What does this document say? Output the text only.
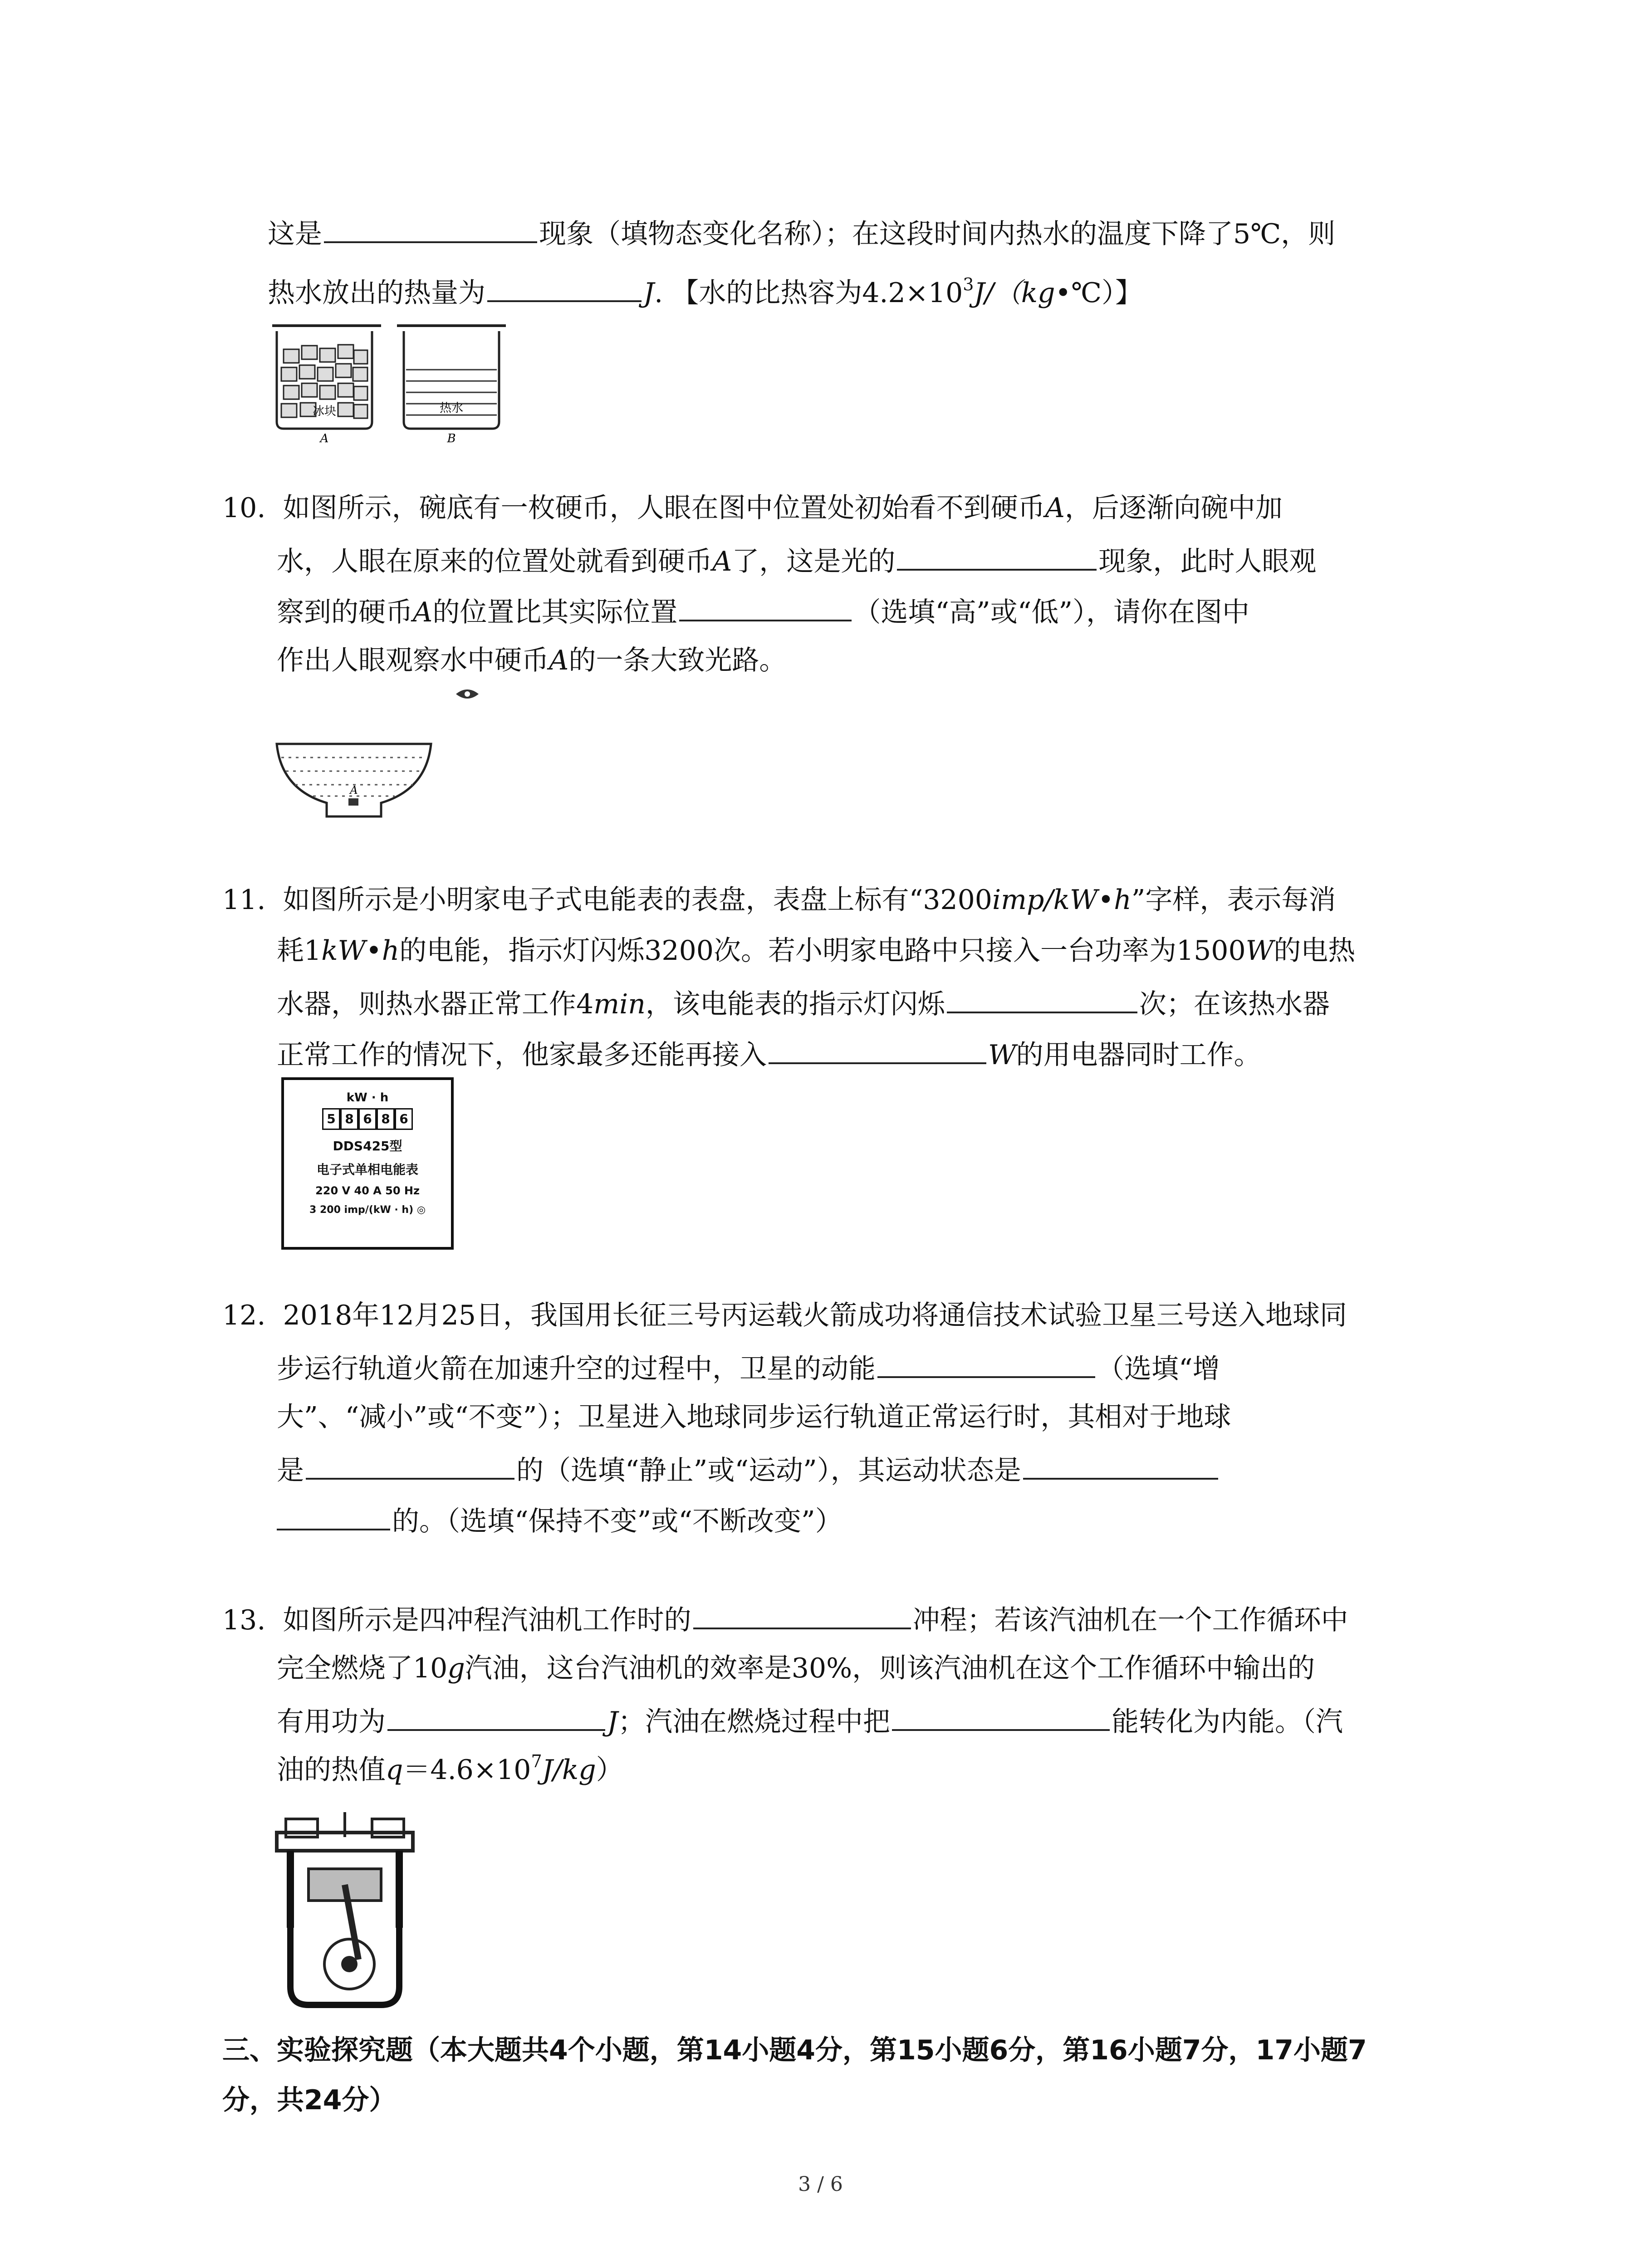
这是	现象（填物态变化名称）；在这段时间内热水的温度下降了5℃，则
热水放出的热量为	J. 【水的比热容为$4.2\times 10^3J/(kg•℃)$】
冰块
A
热水
B
10. 如图所示，碗底有一枚硬币，人眼在图中位置处初始看不到硬币A，后逐渐向碗中加
水，人眼在原来的位置处就看到硬币A了，这是光的	现象，此时人眼观
察到的硬币A的位置比其实际位置	（选填“高”或“低”），请你在图中
作出人眼观察水中硬币A的一条大致光路。
A
11. 如图所示是小明家电子式电能表的表盘，表盘上标有“3200imp/kW•h”字样，表示每消
耗1kW•h的电能，指示灯闪烁3200次。若小明家电路中只接入一台功率为1500W的电热
水器，则热水器正常工作4min，该电能表的指示灯闪烁	次；在该热水器
正常工作的情况下，他家最多还能再接入	W的用电器同时工作。
kW · h
5 8 6 8 6
DDS425型
电子式单相电能表
220 V 40 A 50 Hz
3 200 imp/(kW · h) ◎
12. 2018年12月25日，我国用长征三号丙运载火箭成功将通信技术试验卫星三号送入地球同
步运行轨道火箭在加速升空的过程中，卫星的动能	（选填“增
大”、“减小”或“不变”）；卫星进入地球同步运行轨道正常运行时，其相对于地球
是	的（选填“静止”或“运动”），其运动状态是
的。（选填“保持不变”或“不断改变”）
13. 如图所示是四冲程汽油机工作时的	冲程；若该汽油机在一个工作循环中
完全燃烧了10g汽油，这台汽油机的效率是30%，则该汽油机在这个工作循环中输出的
有用功为	J；汽油在燃烧过程中把	能转化为内能。（汽
油的热值$q=4.6\times 10^7J/kg$）
三、实验探究题（本大题共4个小题，第14小题4分，第15小题6分，第16小题7分，17小题7
分，共24分）
3 / 6
